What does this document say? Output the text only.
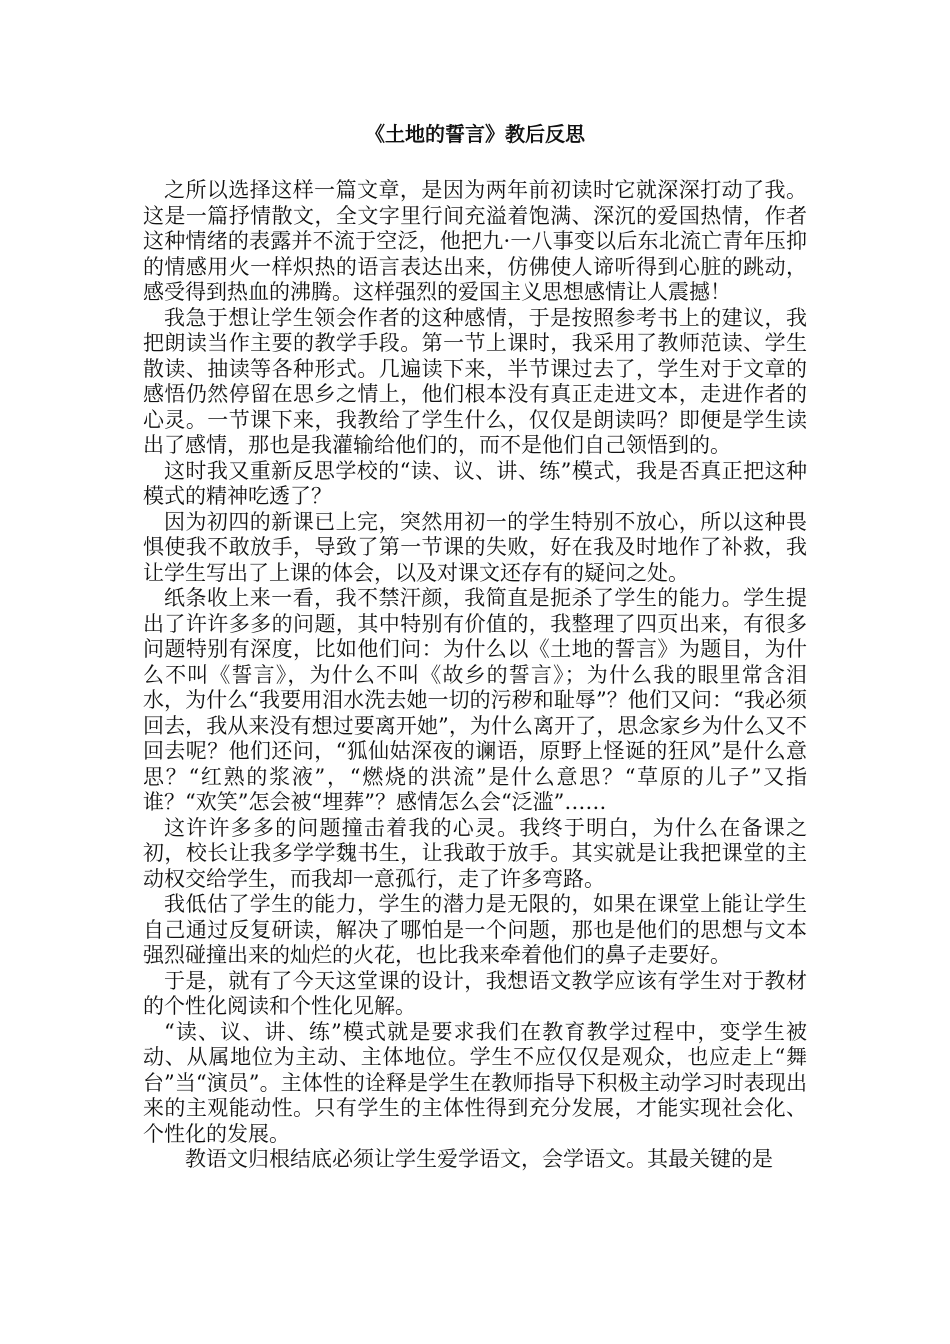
《土地的誓言》教后反思

之所以选择这样一篇文章，是因为两年前初读时它就深深打动了我。这是一篇抒情散文，全文字里行间充溢着饱满、深沉的爱国热情，作者这种情绪的表露并不流于空泛，他把九·一八事变以后东北流亡青年压抑的情感用火一样炽热的语言表达出来，仿佛使人谛听得到心脏的跳动，感受得到热血的沸腾。这样强烈的爱国主义思想感情让人震撼！

我急于想让学生领会作者的这种感情，于是按照参考书上的建议，我把朗读当作主要的教学手段。第一节上课时，我采用了教师范读、学生散读、抽读等各种形式。几遍读下来，半节课过去了，学生对于文章的感悟仍然停留在思乡之情上，他们根本没有真正走进文本，走进作者的心灵。一节课下来，我教给了学生什么，仅仅是朗读吗？即便是学生读出了感情，那也是我灌输给他们的，而不是他们自己领悟到的。

这时我又重新反思学校的“读、议、讲、练”模式，我是否真正把这种模式的精神吃透了？

因为初四的新课已上完，突然用初一的学生特别不放心，所以这种畏惧使我不敢放手，导致了第一节课的失败，好在我及时地作了补救，我让学生写出了上课的体会，以及对课文还存有的疑问之处。

纸条收上来一看，我不禁汗颜，我简直是扼杀了学生的能力。学生提出了许许多多的问题，其中特别有价值的，我整理了四页出来，有很多问题特别有深度，比如他们问：为什么以《土地的誓言》为题目，为什么不叫《誓言》，为什么不叫《故乡的誓言》；为什么我的眼里常含泪水，为什么“我要用泪水洗去她一切的污秽和耻辱”？他们又问：“我必须回去，我从来没有想过要离开她”，为什么离开了，思念家乡为什么又不回去呢？他们还问，“狐仙姑深夜的谰语，原野上怪诞的狂风”是什么意思？“红熟的浆液”，“燃烧的洪流”是什么意思？“草原的儿子”又指谁？“欢笑”怎会被“埋葬”？感情怎么会“泛滥”……

这许许多多的问题撞击着我的心灵。我终于明白，为什么在备课之初，校长让我多学学魏书生，让我敢于放手。其实就是让我把课堂的主动权交给学生，而我却一意孤行，走了许多弯路。

我低估了学生的能力，学生的潜力是无限的，如果在课堂上能让学生自己通过反复研读，解决了哪怕是一个问题，那也是他们的思想与文本强烈碰撞出来的灿烂的火花，也比我来牵着他们的鼻子走要好。

于是，就有了今天这堂课的设计，我想语文教学应该有学生对于教材的个性化阅读和个性化见解。

“读、议、讲、练”模式就是要求我们在教育教学过程中，变学生被动、从属地位为主动、主体地位。学生不应仅仅是观众，也应走上“舞台”当“演员”。主体性的诠释是学生在教师指导下积极主动学习时表现出来的主观能动性。只有学生的主体性得到充分发展，才能实现社会化、个性化的发展。

教语文归根结底必须让学生爱学语文，会学语文。其最关键的是
